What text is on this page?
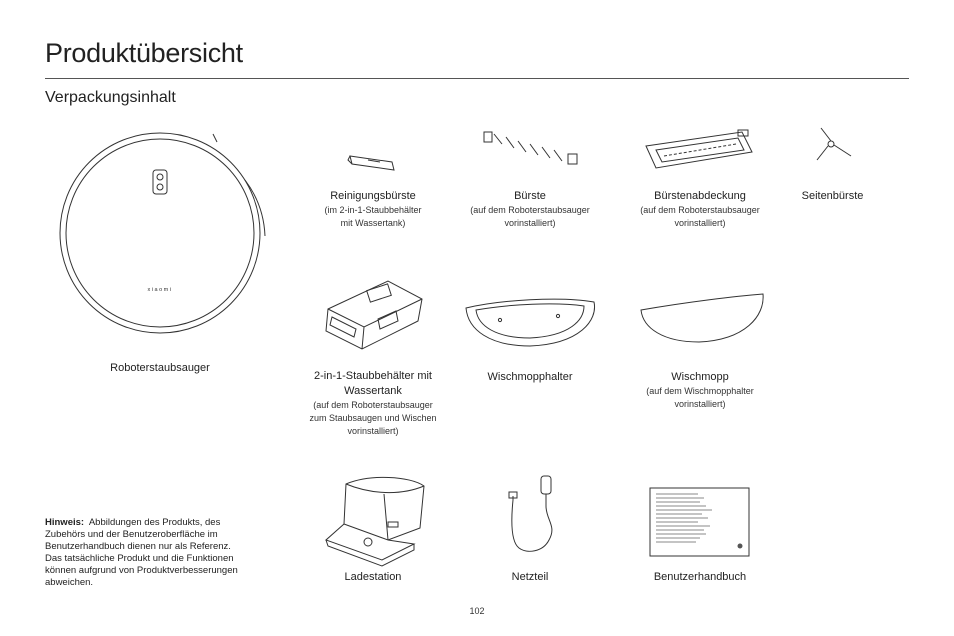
Produktübersicht
Verpackungsinhalt
xiaomi
Roboterstaubsauger
Reinigungsbürste
(im 2-in-1-Staubbehälter mit Wassertank)
Bürste
(auf dem Roboterstaubsauger vorinstalliert)
Bürstenabdeckung
(auf dem Roboterstaubsauger vorinstalliert)
Seitenbürste
2-in-1-Staubbehälter mit Wassertank
(auf dem Roboterstaubsauger zum Staubsaugen und Wischen vorinstalliert)
Wischmopphalter	Wischmopp
(auf dem Wischmopphalter vorinstalliert)
Ladestation	Netzteil	Benutzerhandbuch
Hinweis: Abbildungen des Produkts, des Zubehörs und der Benutzeroberfläche im Benutzerhandbuch dienen nur als Referenz. Das tatsächliche Produkt und die Funktionen können aufgrund von Produktverbesserungen abweichen.
102
